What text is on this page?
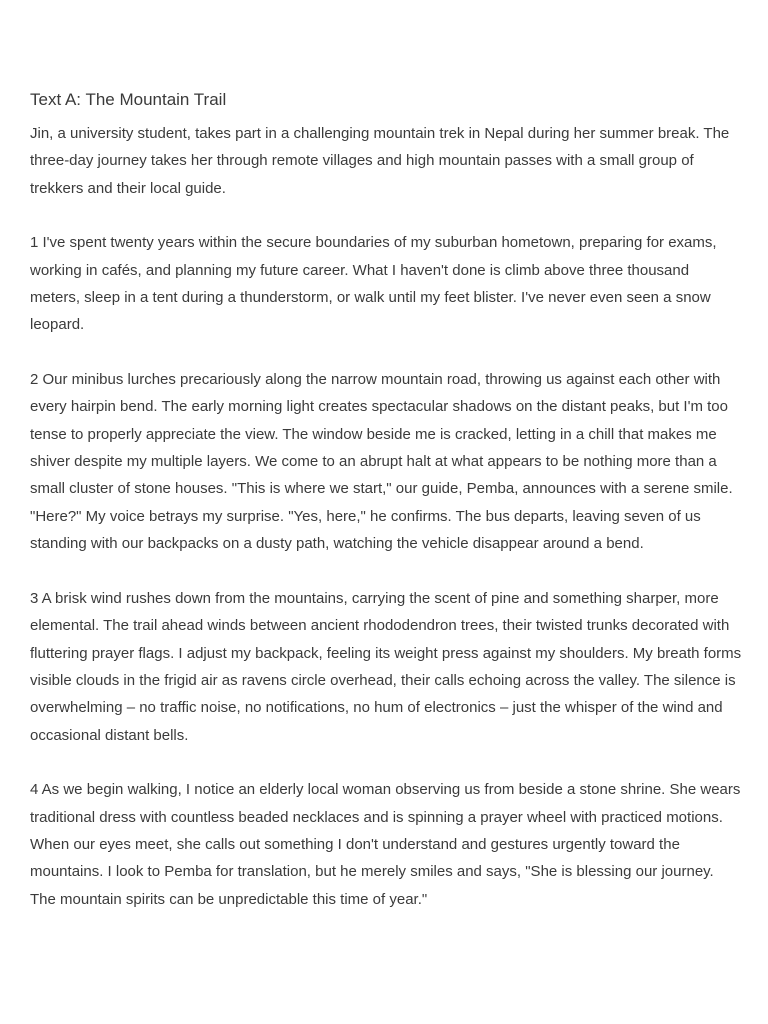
Text A: The Mountain Trail

Jin, a university student, takes part in a challenging mountain trek in Nepal during her summer break. The three-day journey takes her through remote villages and high mountain passes with a small group of trekkers and their local guide.

1 I've spent twenty years within the secure boundaries of my suburban hometown, preparing for exams, working in cafés, and planning my future career. What I haven't done is climb above three thousand meters, sleep in a tent during a thunderstorm, or walk until my feet blister. I've never even seen a snow leopard.

2 Our minibus lurches precariously along the narrow mountain road, throwing us against each other with every hairpin bend. The early morning light creates spectacular shadows on the distant peaks, but I'm too tense to properly appreciate the view. The window beside me is cracked, letting in a chill that makes me shiver despite my multiple layers. We come to an abrupt halt at what appears to be nothing more than a small cluster of stone houses. "This is where we start," our guide, Pemba, announces with a serene smile. "Here?" My voice betrays my surprise. "Yes, here," he confirms. The bus departs, leaving seven of us standing with our backpacks on a dusty path, watching the vehicle disappear around a bend.

3 A brisk wind rushes down from the mountains, carrying the scent of pine and something sharper, more elemental. The trail ahead winds between ancient rhododendron trees, their twisted trunks decorated with fluttering prayer flags. I adjust my backpack, feeling its weight press against my shoulders. My breath forms visible clouds in the frigid air as ravens circle overhead, their calls echoing across the valley. The silence is overwhelming – no traffic noise, no notifications, no hum of electronics – just the whisper of the wind and occasional distant bells.

4 As we begin walking, I notice an elderly local woman observing us from beside a stone shrine. She wears traditional dress with countless beaded necklaces and is spinning a prayer wheel with practiced motions. When our eyes meet, she calls out something I don't understand and gestures urgently toward the mountains. I look to Pemba for translation, but he merely smiles and says, "She is blessing our journey. The mountain spirits can be unpredictable this time of year."
